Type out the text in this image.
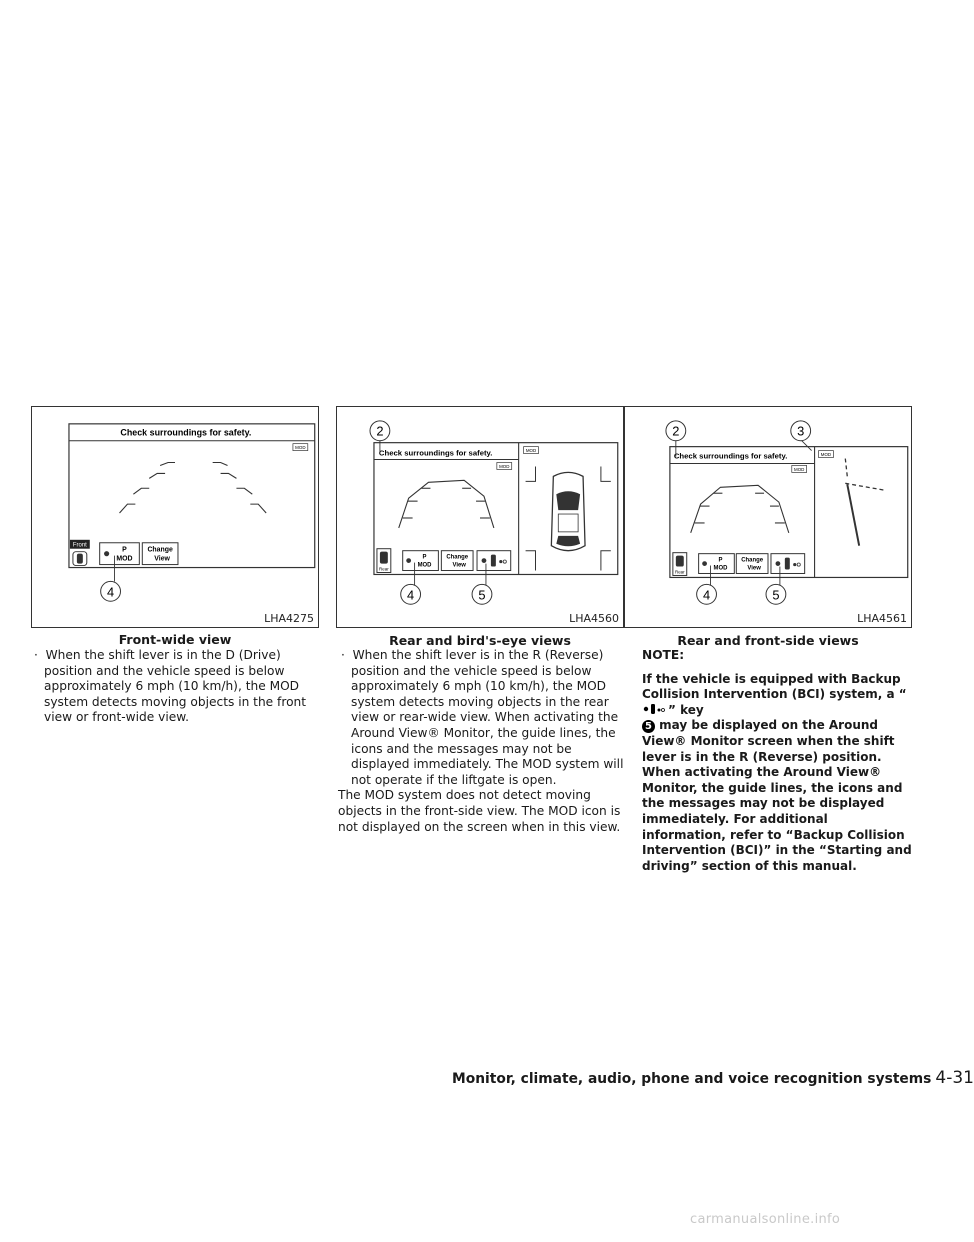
Check surroundings for safety.
MOD
Front
P
MOD
Change
View
4
LHA4275
Front-wide view
Check surroundings for safety.
MOD
MOD
Rear
P
MOD
Change
View
2
4	5
LHA4560
Rear and bird's-eye views
Check surroundings for safety.
MOD
MOD
Rear
P
MOD
Change
View
2	3
4	5
LHA4561
Rear and front-side views

·  When the shift lever is in the D (Drive) position and the vehicle speed is below approximately 6 mph (10 km/h), the MOD system detects moving objects in the front view or front-wide view.

·  When the shift lever is in the R (Reverse) position and the vehicle speed is below approximately 6 mph (10 km/h), the MOD system detects moving objects in the rear view or rear-wide view. When activating the Around View® Monitor, the guide lines, the icons and the messages may not be displayed immediately. The MOD system will not operate if the liftgate is open.

The MOD system does not detect moving objects in the front-side view. The MOD icon is not displayed on the screen when in this view.

NOTE:

If the vehicle is equipped with Backup Collision Intervention (BCI) system, a “” key
5 may be displayed on the Around View® Monitor screen when the shift lever is in the R (Reverse) position. When activating the Around View® Monitor, the guide lines, the icons and the messages may not be displayed immediately. For additional information, refer to “Backup Collision Intervention (BCI)” in the “Starting and driving” section of this manual.

Monitor, climate, audio, phone and voice recognition systems 4-31
carmanualsonline.info
